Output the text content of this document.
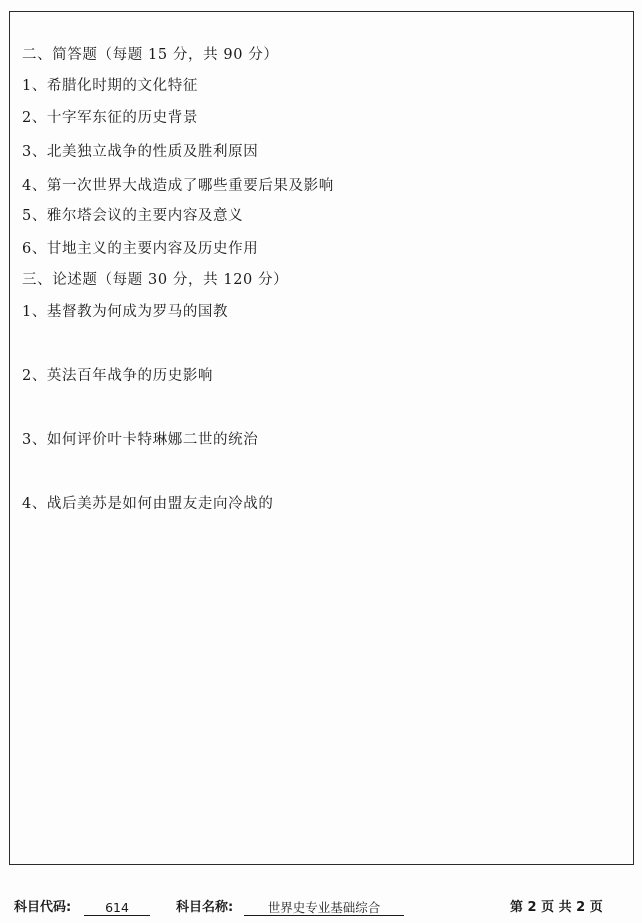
二、简答题（每题 15 分，共 90 分）
1、希腊化时期的文化特征
2、十字军东征的历史背景
3、北美独立战争的性质及胜利原因
4、第一次世界大战造成了哪些重要后果及影响
5、雅尔塔会议的主要内容及意义
6、甘地主义的主要内容及历史作用
三、论述题（每题 30 分，共 120 分）
1、基督教为何成为罗马的国教
2、英法百年战争的历史影响
3、如何评价叶卡特琳娜二世的统治
4、战后美苏是如何由盟友走向冷战的
科目代码:	614	科目名称:	世界史专业基础综合	第 2 页 共 2 页
